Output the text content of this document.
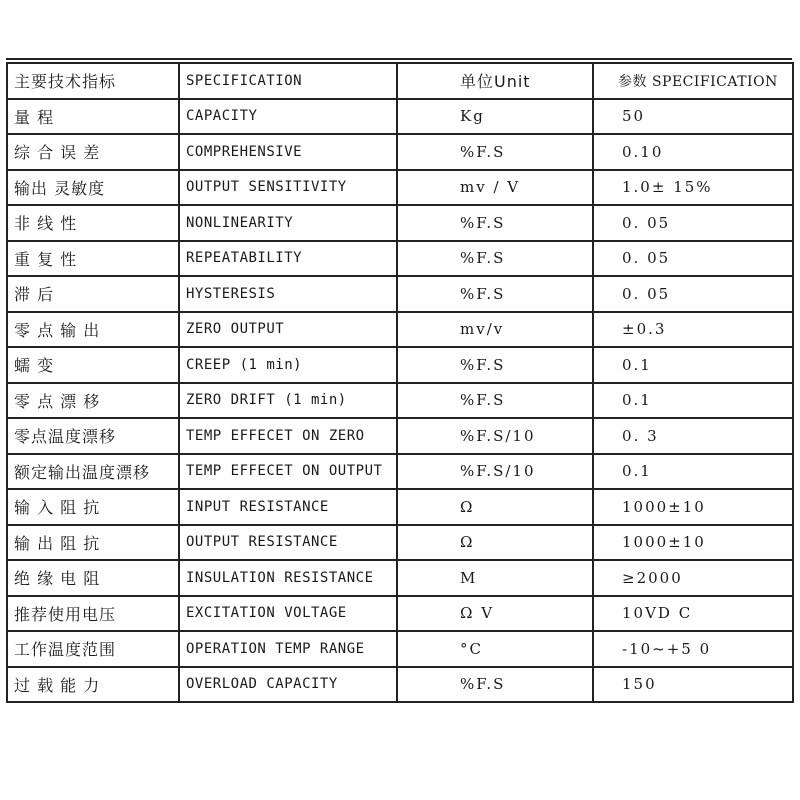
主要技术指标	SPECIFICATION	单位Unit	参数 SPECIFICATION
量 程	CAPACITY	Kg	50
综 合 误 差	COMPREHENSIVE	%F.S	0.10
输出 灵敏度	OUTPUT SENSITIVITY	mv / V	1.0± 15%
非 线 性	NONLINEARITY	%F.S	0. 05
重 复 性	REPEATABILITY	%F.S	0. 05
滞 后	HYSTERESIS	%F.S	0. 05
零 点 输 出	ZERO OUTPUT	mv/v	±0.3
蠕 变	CREEP (1 min)	%F.S	0.1
零 点 漂 移	ZERO DRIFT (1 min)	%F.S	0.1
零点温度漂移	TEMP EFFECET ON ZERO	%F.S/10	0. 3
额定输出温度漂移	TEMP EFFECET ON OUTPUT	%F.S/10	0.1
输 入 阻 抗	INPUT RESISTANCE	Ω	1000±10
输 出 阻 抗	OUTPUT RESISTANCE	Ω	1000±10
绝 缘 电 阻	INSULATION RESISTANCE	M	≥2000
推荐使用电压	EXCITATION VOLTAGE	Ω V	10VD C
工作温度范围	OPERATION TEMP RANGE	°C	-10~+5 0
过 载 能 力	OVERLOAD CAPACITY	%F.S	150
